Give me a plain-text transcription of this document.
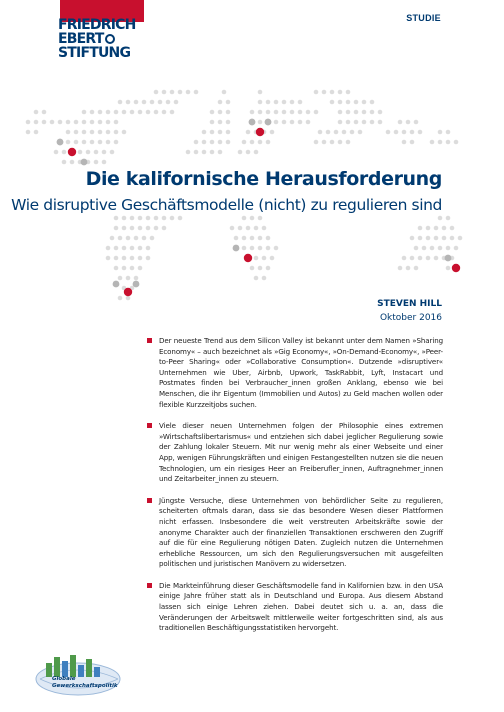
FRIEDRICH
EBERT
STIFTUNG
STUDIE
Die kalifornische Herausforderung
Wie disruptive Geschäftsmodelle (nicht) zu regulieren sind
STEVEN HILL
Oktober 2016
Der neueste Trend aus dem Silicon Valley ist bekannt unter dem Namen »Sharing Economy« – auch bezeichnet als »Gig Economy«, »On-Demand-Economy«, »Peer-to-Peer Sharing« oder »Collaborative Consumption«. Dutzende »disruptiver« Unternehmen wie Uber, Airbnb, Upwork, TaskRabbit, Lyft, Instacart und Postmates finden bei Verbraucher_innen großen Anklang, ebenso wie bei Menschen, die ihr Eigentum (Immobilien und Autos) zu Geld machen wollen oder flexible Kurzzeitjobs suchen.
Viele dieser neuen Unternehmen folgen der Philosophie eines extremen »Wirtschaftslibertarismus« und entziehen sich dabei jeglicher Regulierung sowie der Zahlung lokaler Steuern. Mit nur wenig mehr als einer Webseite und einer App, wenigen Führungskräften und einigen Festangestellten nutzen sie die neuen Technologien, um ein riesiges Heer an Freiberufler_innen, Auftragnehmer_innen und Zeitarbeiter_innen zu steuern.
Jüngste Versuche, diese Unternehmen von behördlicher Seite zu regulieren, scheiterten oftmals daran, dass sie das besondere Wesen dieser Plattformen nicht erfassen. Insbesondere die weit verstreuten Arbeitskräfte sowie der anonyme Charakter auch der finanziellen Transaktionen erschweren den Zugriff auf die für eine Regulierung nötigen Daten. Zugleich nutzen die Unternehmen erhebliche Ressourcen, um sich den Regulierungsversuchen mit ausgefeilten politischen und juristischen Manövern zu widersetzen.
Die Markteinführung dieser Geschäftsmodelle fand in Kalifornien bzw. in den USA einige Jahre früher statt als in Deutschland und Europa. Aus diesem Abstand lassen sich einige Lehren ziehen. Dabei deutet sich u. a. an, dass die Veränderungen der Arbeitswelt mittlerweile weiter fortgeschritten sind, als aus traditionellen Beschäftigungsstatistiken hervorgeht.
Globale
Gewerkschaftspolitik
